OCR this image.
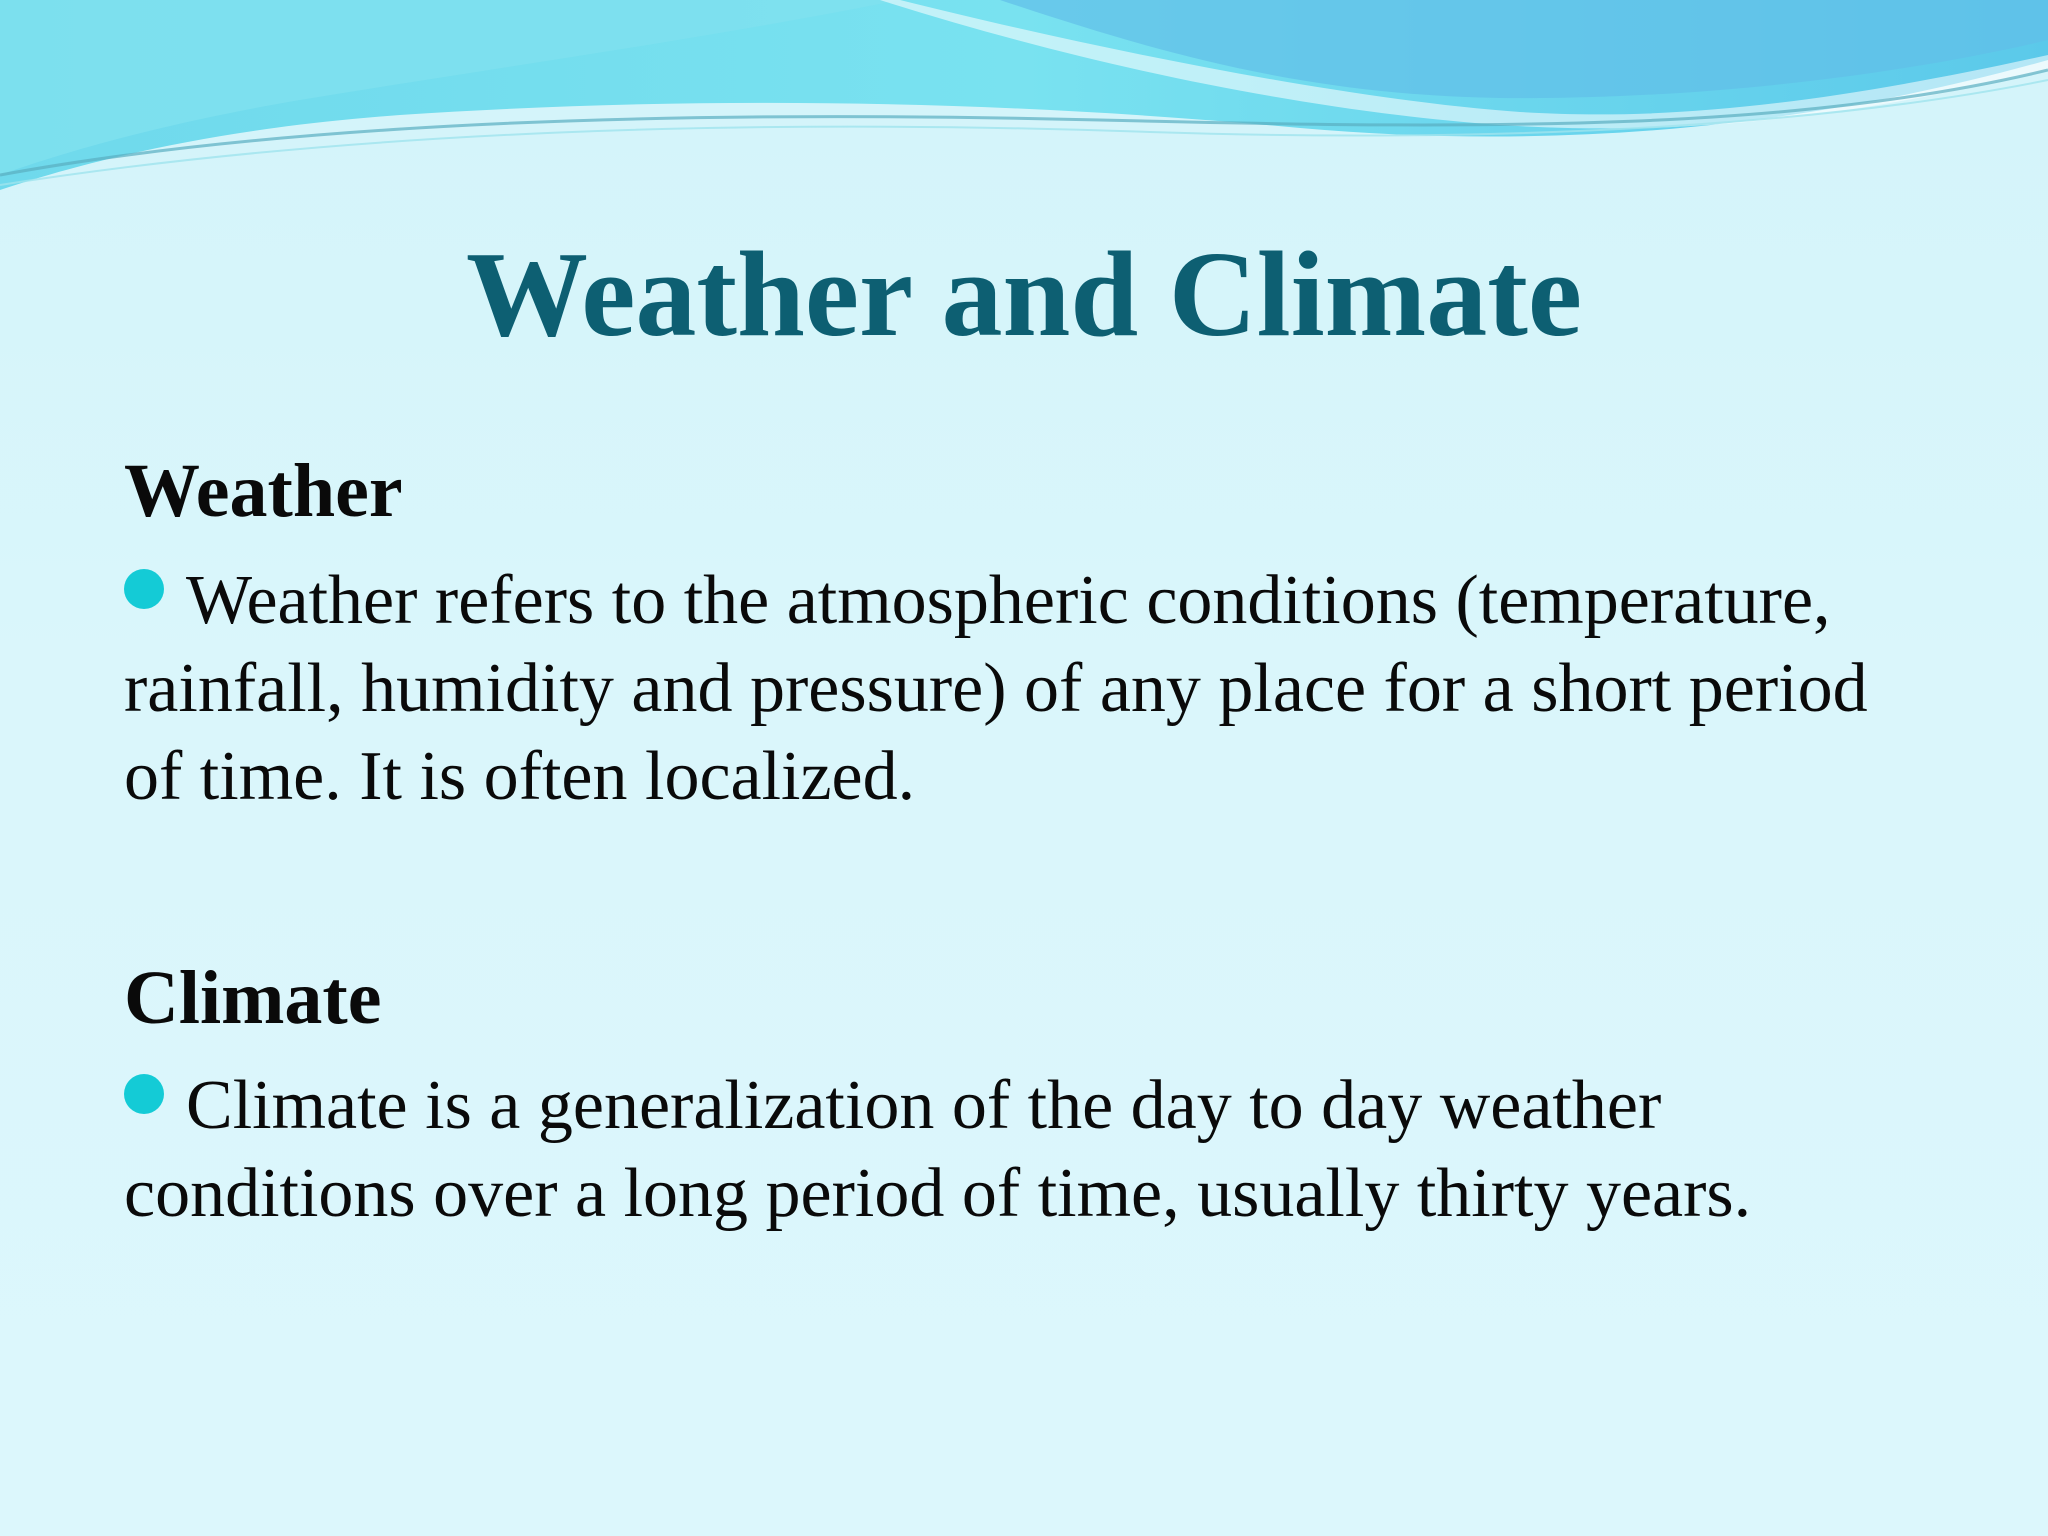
Weather and Climate
Weather

Weather refers to the atmospheric conditions (temperature, rainfall, humidity and pressure) of any place for a short period of time. It is often localized.

Climate

Climate is a generalization of the day to day weather conditions over a long period of time, usually thirty years.
